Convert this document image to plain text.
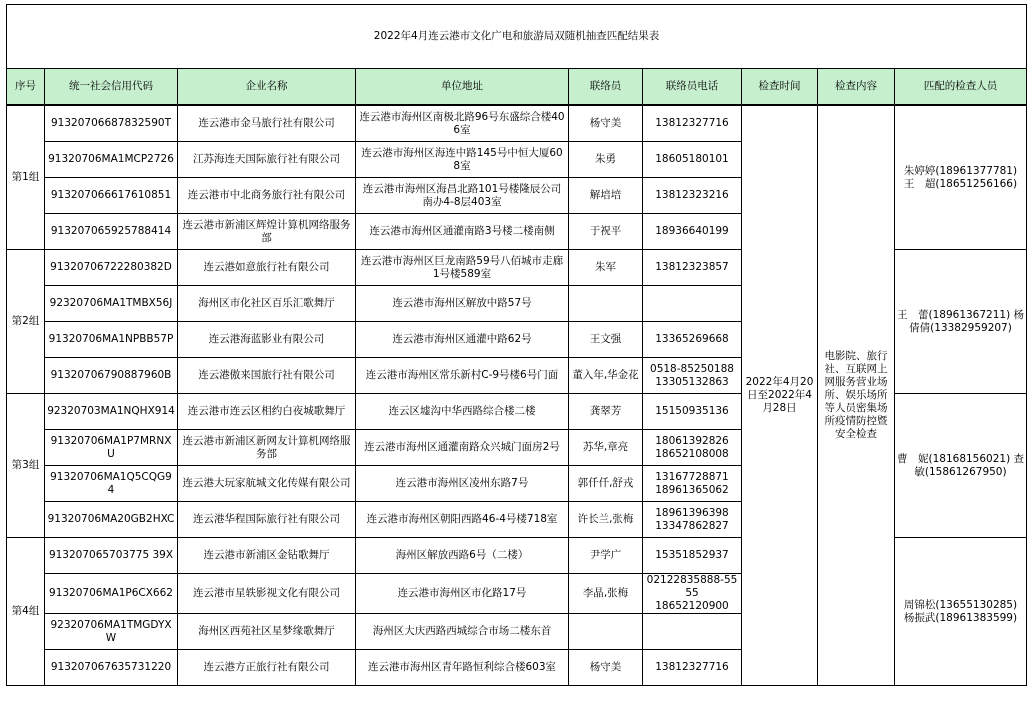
2022年4月连云港市文化广电和旅游局双随机抽查匹配结果表								
序号	统一社会信用代码	企业名称	单位地址	联络员	联络员电话	检查时间	检查内容	匹配的检查人员
第1组	91320706687832590T	连云港市金马旅行社有限公司	连云港市海州区南极北路96号东盛综合楼406室	杨守美	13812327716	2022年4月20日至2022年4月28日	电影院、旅行社、互联网上网服务营业场所、娱乐场所等人员密集场所疫情防控暨安全检查	朱婷婷(18961377781)
王　超(18651256166)

	91320706MA1MCP2726	江苏海连天国际旅行社有限公司	连云港市海州区海连中路145号中恒大厦608室	朱勇	18605180101			

	913207066617610851	连云港市中北商务旅行社有限公司	连云港市海州区海昌北路101号楼隆辰公司南办4-8层403室	解培培	13812323216			

	913207065925788414	连云港市新浦区辉煌计算机网络服务部	连云港市海州区通灌南路3号楼二楼南侧	于祝平	18936640199			

第2组	91320706722280382D	连云港如意旅行社有限公司	连云港市海州区巨龙南路59号八佰城市走廊1号楼589室	朱军	13812323857			王　蕾(18961367211) 杨倩倩(13382959207)

	92320706MA1TMBX56J	海州区市化社区百乐汇歌舞厅	连云港市海州区解放中路57号					

	91320706MA1NPBB57P	连云港海蓝影业有限公司	连云港市海州区通灌中路62号	王文强	13365269668			

	91320706790887960B	连云港傲来国旅行社有限公司	连云港市海州区常乐新村C-9号楼6号门面	董入年,华金花	0518-85250188
13305132863			

第3组	92320703MA1NQHX914	连云港市连云区相约白夜城歌舞厅	连云区墟沟中华西路综合楼二楼	龚翠芳	15150935136			曹　妮(18168156021) 查敏(15861267950)

	91320706MA1P7MRNXU	连云港市新浦区新网友计算机网络服务部	连云港市海州区通灌南路众兴城门面房2号	苏华,章亮	18061392826
18652108008			

	91320706MA1Q5CQG94	连云港大玩家航城文化传媒有限公司	连云港市海州区凌州东路7号	郭仟仟,舒戎	13167728871
18961365062			

	91320706MA20GB2HXC	连云港华程国际旅行社有限公司	连云港市海州区朝阳西路46-4号楼718室	许长兰,张梅	18961396398
13347862827			

第4组	913207065703775 39X	连云港市新浦区金钻歌舞厅	海州区解放西路6号（二楼）	尹学广	15351852937			周锦松(13655130285)
杨振武(18961383599)

	91320706MA1P6CX662	连云港市星轶影视文化有限公司	连云港市海州区市化路17号	李晶,张梅	02122835888-5555
18652120900			

	92320706MA1TMGDYXW	海州区西苑社区星梦缘歌舞厅	海州区大庆西路西城综合市场二楼东首					

	913207067635731220	连云港方正旅行社有限公司	连云港市海州区青年路恒利综合楼603室	杨守美	13812327716			
